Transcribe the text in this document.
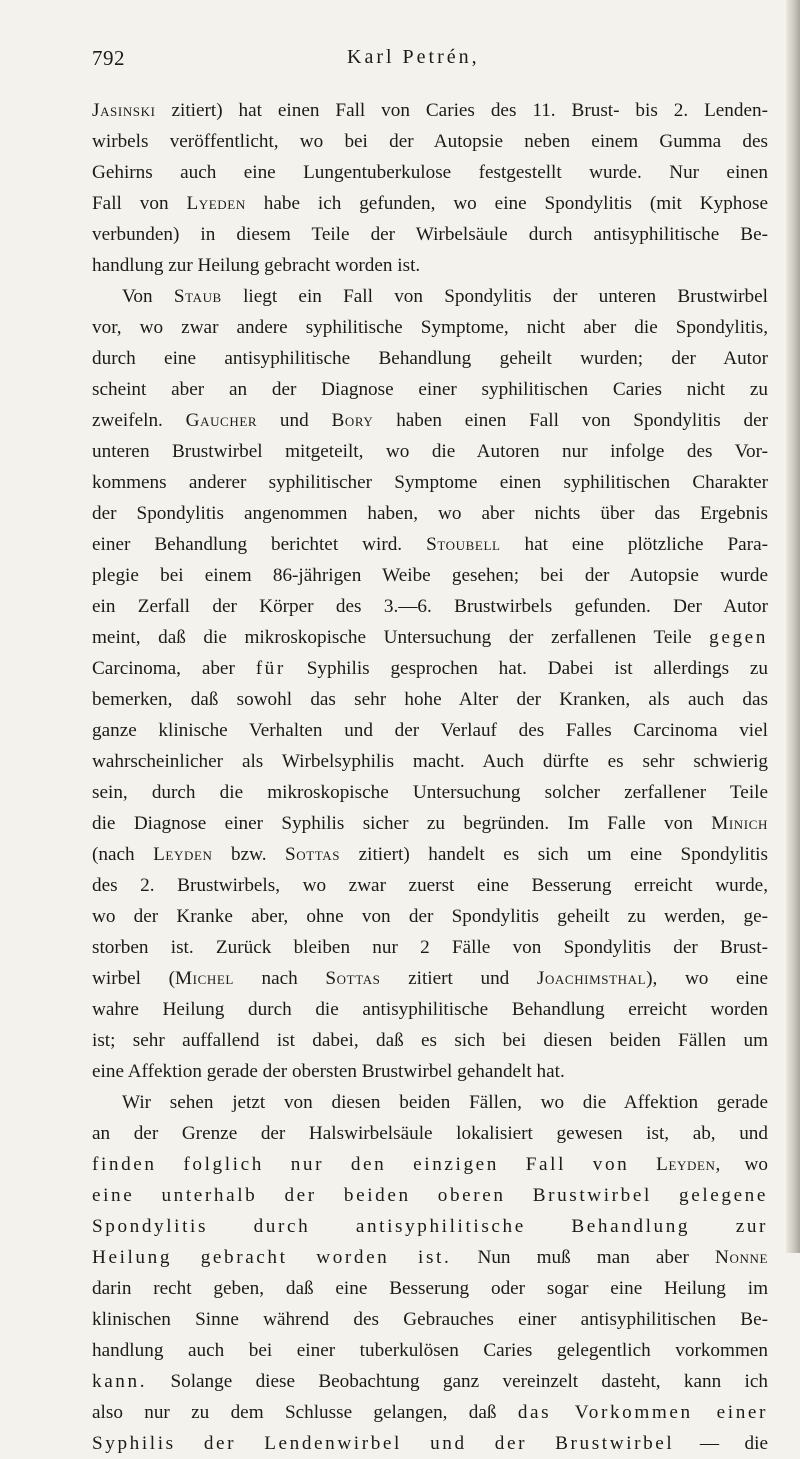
792	Karl Petrén,
Jasinski zitiert) hat einen Fall von Caries des 11. Brust- bis 2. Lenden-
wirbels veröffentlicht, wo bei der Autopsie neben einem Gumma des
Gehirns auch eine Lungentuberkulose festgestellt wurde. Nur einen
Fall von Lyeden habe ich gefunden, wo eine Spondylitis (mit Kyphose
verbunden) in diesem Teile der Wirbelsäule durch antisyphilitische Be-
handlung zur Heilung gebracht worden ist.
Von Staub liegt ein Fall von Spondylitis der unteren Brustwirbel
vor, wo zwar andere syphilitische Symptome, nicht aber die Spondylitis,
durch eine antisyphilitische Behandlung geheilt wurden; der Autor
scheint aber an der Diagnose einer syphilitischen Caries nicht zu
zweifeln. Gaucher und Bory haben einen Fall von Spondylitis der
unteren Brustwirbel mitgeteilt, wo die Autoren nur infolge des Vor-
kommens anderer syphilitischer Symptome einen syphilitischen Charakter
der Spondylitis angenommen haben, wo aber nichts über das Ergebnis
einer Behandlung berichtet wird. Stoubell hat eine plötzliche Para-
plegie bei einem 86-jährigen Weibe gesehen; bei der Autopsie wurde
ein Zerfall der Körper des 3.—6. Brustwirbels gefunden. Der Autor
meint, daß die mikroskopische Untersuchung der zerfallenen Teile gegen
Carcinoma, aber für Syphilis gesprochen hat. Dabei ist allerdings zu
bemerken, daß sowohl das sehr hohe Alter der Kranken, als auch das
ganze klinische Verhalten und der Verlauf des Falles Carcinoma viel
wahrscheinlicher als Wirbelsyphilis macht. Auch dürfte es sehr schwierig
sein, durch die mikroskopische Untersuchung solcher zerfallener Teile
die Diagnose einer Syphilis sicher zu begründen. Im Falle von Minich
(nach Leyden bzw. Sottas zitiert) handelt es sich um eine Spondylitis
des 2. Brustwirbels, wo zwar zuerst eine Besserung erreicht wurde,
wo der Kranke aber, ohne von der Spondylitis geheilt zu werden, ge-
storben ist. Zurück bleiben nur 2 Fälle von Spondylitis der Brust-
wirbel (Michel nach Sottas zitiert und Joachimsthal), wo eine
wahre Heilung durch die antisyphilitische Behandlung erreicht worden
ist; sehr auffallend ist dabei, daß es sich bei diesen beiden Fällen um
eine Affektion gerade der obersten Brustwirbel gehandelt hat.
Wir sehen jetzt von diesen beiden Fällen, wo die Affektion gerade
an der Grenze der Halswirbelsäule lokalisiert gewesen ist, ab, und
finden folglich nur den einzigen Fall von Leyden, wo
eine unterhalb der beiden oberen Brustwirbel gelegene
Spondylitis durch antisyphilitische Behandlung zur
Heilung gebracht worden ist. Nun muß man aber Nonne
darin recht geben, daß eine Besserung oder sogar eine Heilung im
klinischen Sinne während des Gebrauches einer antisyphilitischen Be-
handlung auch bei einer tuberkulösen Caries gelegentlich vorkommen
kann. Solange diese Beobachtung ganz vereinzelt dasteht, kann ich
also nur zu dem Schlusse gelangen, daß das Vorkommen einer
Syphilis der Lendenwirbel und der Brustwirbel — die
